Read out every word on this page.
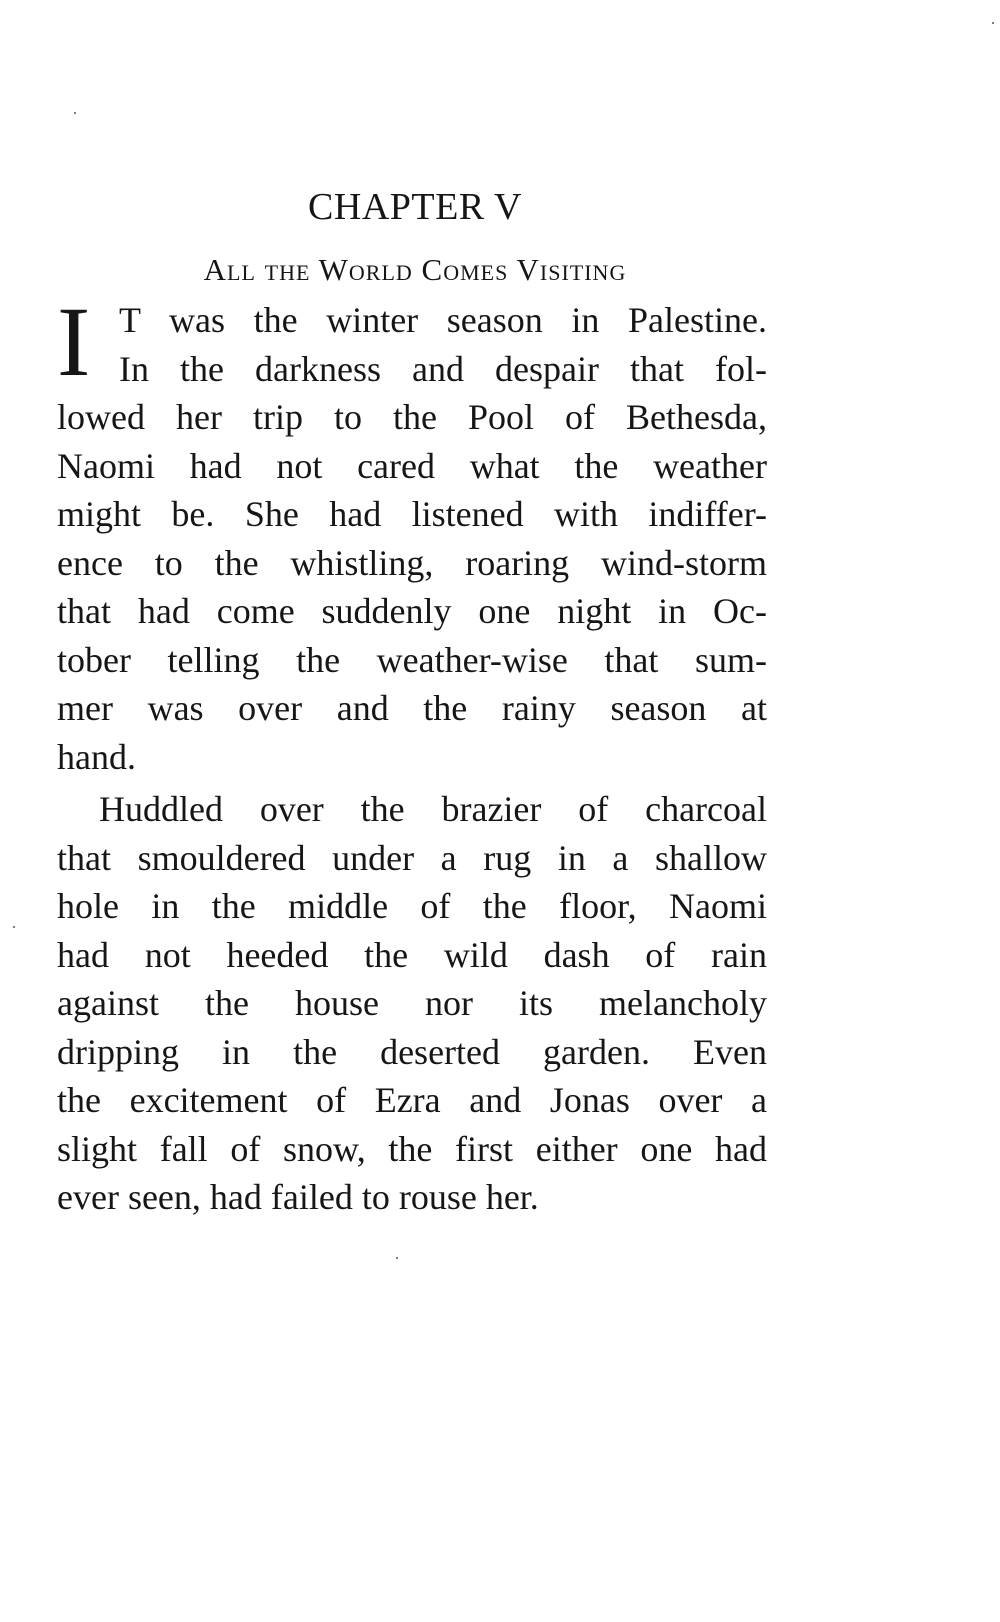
CHAPTER V
All the World Comes Visiting
I T was the winter season in Palestine.
In the darkness and despair that fol-
lowed her trip to the Pool of Bethesda,
Naomi had not cared what the weather
might be. She had listened with indiffer-
ence to the whistling, roaring wind-storm
that had come suddenly one night in Oc-
tober telling the weather-wise that sum-
mer was over and the rainy season at
hand.
Huddled over the brazier of charcoal
that smouldered under a rug in a shallow
hole in the middle of the floor, Naomi
had not heeded the wild dash of rain
against the house nor its melancholy
dripping in the deserted garden. Even
the excitement of Ezra and Jonas over a
slight fall of snow, the first either one had
ever seen, had failed to rouse her.
